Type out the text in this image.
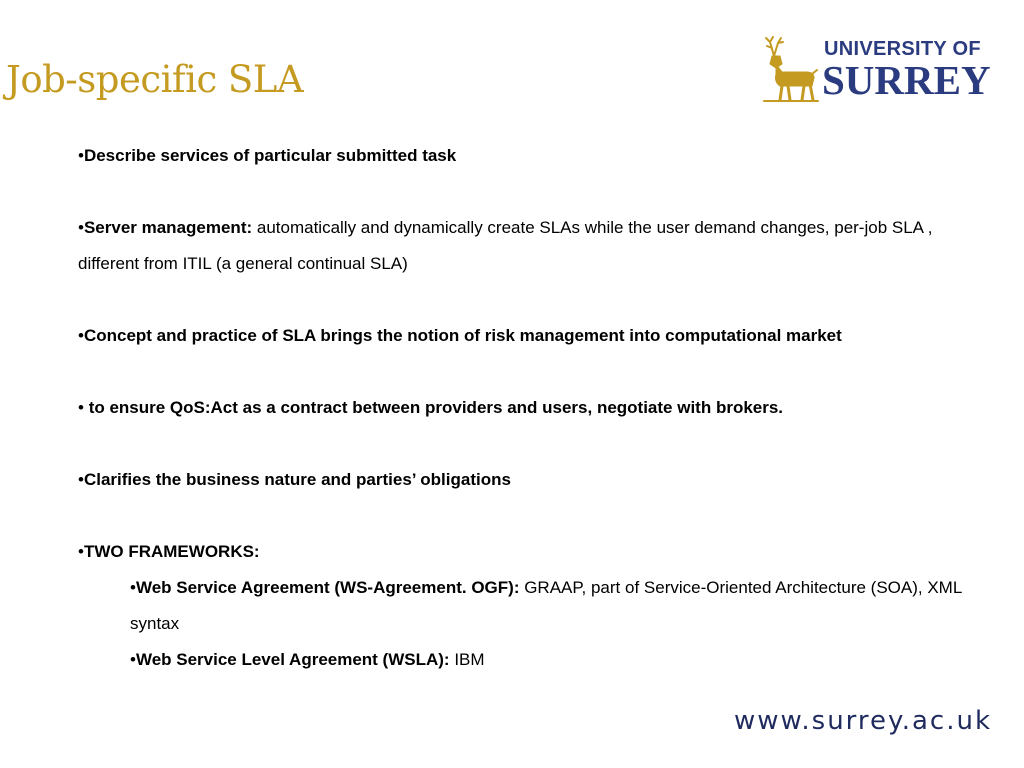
Job-specific SLA
UNIVERSITY OF
SURREY

•Describe services of particular submitted task

•Server management: automatically and dynamically create SLAs while the user demand changes, per-job SLA , different from ITIL (a general continual SLA)

•Concept and practice of SLA brings the notion of risk management into computational market

• to ensure QoS:Act as a contract between providers and users, negotiate with brokers.

•Clarifies the business nature and parties’ obligations

•TWO FRAMEWORKS:

•Web Service Agreement (WS-Agreement. OGF): GRAAP, part of Service-Oriented Architecture (SOA), XML syntax

•Web Service Level Agreement (WSLA): IBM

www.surrey.ac.uk
